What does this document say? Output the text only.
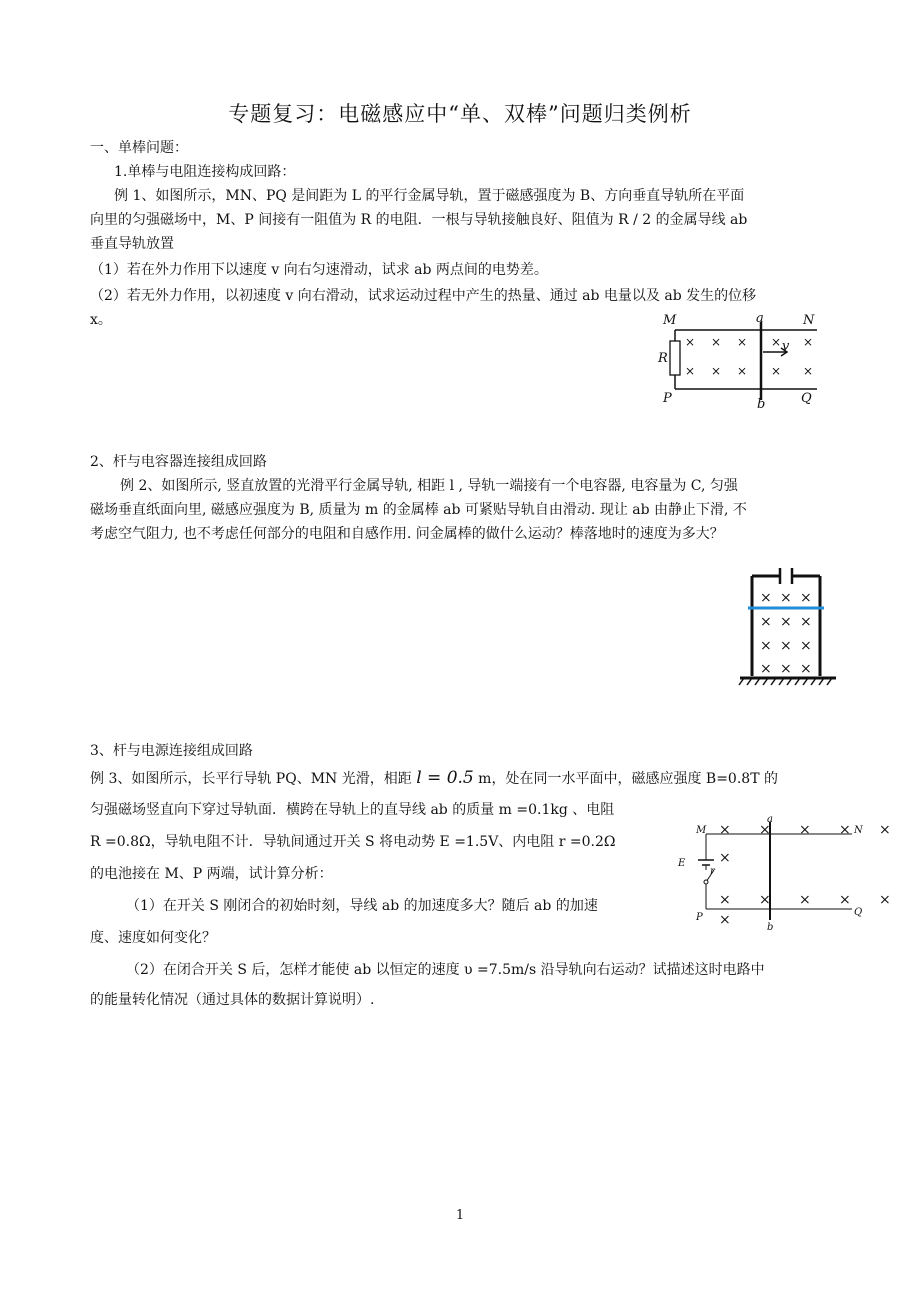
专题复习：电磁感应中“单、双棒”问题归类例析
一、单棒问题：
1.单棒与电阻连接构成回路：
例 1、如图所示，MN、PQ 是间距为 L 的平行金属导轨，置于磁感强度为 B、方向垂直导轨所在平面
向里的匀强磁场中，M、P 间接有一阻值为 R 的电阻．一根与导轨接触良好、阻值为 R / 2 的金属导线 ab
垂直导轨放置
（1）若在外力作用下以速度 v 向右匀速滑动，试求 ab 两点间的电势差。
（2）若无外力作用，以初速度 v 向右滑动，试求运动过程中产生的热量、通过 ab 电量以及 ab 发生的位移
x。	M	a	N
R
v
P	b	Q
× × × × ×
× × × × ×
2、杆与电容器连接组成回路
例 2、如图所示, 竖直放置的光滑平行金属导轨, 相距 l , 导轨一端接有一个电容器, 电容量为 C, 匀强
磁场垂直纸面向里, 磁感应强度为 B, 质量为 m 的金属棒 ab 可紧贴导轨自由滑动. 现让 ab 由静止下滑, 不
考虑空气阻力, 也不考虑任何部分的电阻和自感作用. 问金属棒的做什么运动？棒落地时的速度为多大？
× × ×
× × ×
× × ×
× × ×
3、杆与电源连接组成回路
例 3、如图所示，长平行导轨 PQ、MN 光滑，相距 l = 0.5 m，处在同一水平面中，磁感应强度 B=0.8T 的
匀强磁场竖直向下穿过导轨面．横跨在导轨上的直导线 ab 的质量 m =0.1kg 、电阻
R =0.8Ω，导轨电阻不计．导轨间通过开关 S 将电动势 E =1.5V、内电阻 r =0.2Ω
的电池接在 M、P 两端，试计算分析：
（1）在开关 S 刚闭合的初始时刻，导线 ab 的加速度多大？随后 ab 的加速
度、速度如何变化？
（2）在闭合开关 S 后，怎样才能使 ab 以恒定的速度 υ =7.5m/s 沿导轨向右运动？试描述这时电路中
的能量转化情况（通过具体的数据计算说明）.
M
a
N
E
r
P
b
Q
× × × × ×
×
× × × × ×
×
1
